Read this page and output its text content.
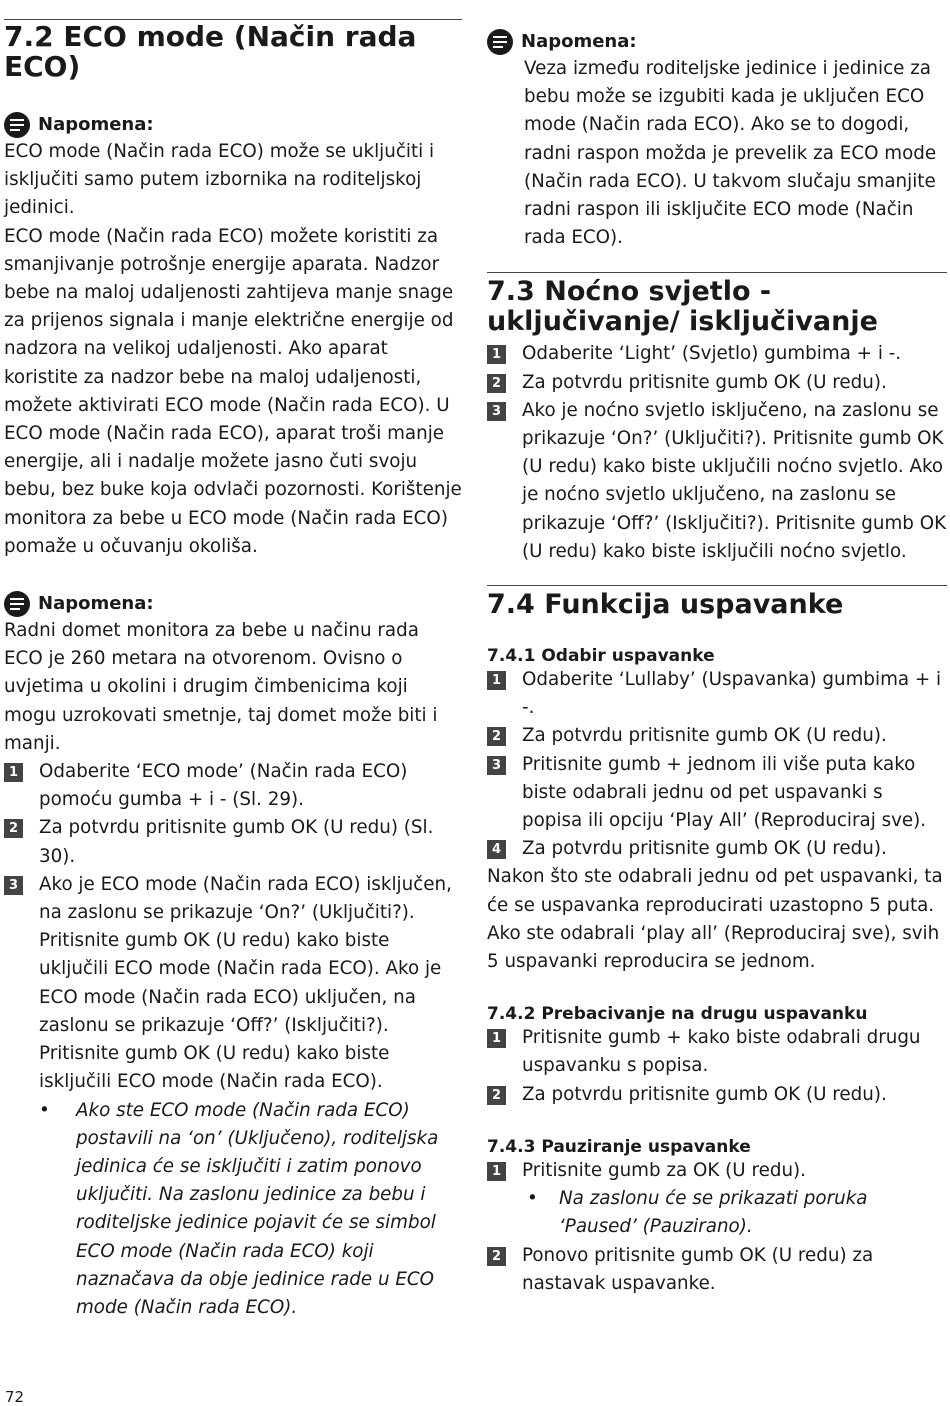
7.2 ECO mode (Način rada ECO)
Napomena:

ECO mode (Način rada ECO) može se uključiti i isključiti samo putem izbornika na roditeljskoj jedinici.

ECO mode (Način rada ECO) možete koristiti za smanjivanje potrošnje energije aparata. Nadzor bebe na maloj udaljenosti zahtijeva manje snage za prijenos signala i manje električne energije od nadzora na velikoj udaljenosti. Ako aparat koristite za nadzor bebe na maloj udaljenosti, možete aktivirati ECO mode (Način rada ECO). U ECO mode (Način rada ECO), aparat troši manje energije, ali i nadalje možete jasno čuti svoju bebu, bez buke koja odvlači pozornosti. Korištenje monitora za bebe u ECO mode (Način rada ECO) pomaže u očuvanju okoliša.

Napomena:

Radni domet monitora za bebe u načinu rada ECO je 260 metara na otvorenom. Ovisno o uvjetima u okolini i drugim čimbenicima koji mogu uzrokovati smetnje, taj domet može biti i manji.

1 Odaberite ‘ECO mode’ (Način rada ECO) pomoću gumba + i - (Sl. 29).
2 Za potvrdu pritisnite gumb OK (U redu) (Sl. 30).
3 Ako je ECO mode (Način rada ECO) isključen, na zaslonu se prikazuje ‘On?’ (Uključiti?). Pritisnite gumb OK (U redu) kako biste uključili ECO mode (Način rada ECO). Ako je ECO mode (Način rada ECO) uključen, na zaslonu se prikazuje ‘Off?’ (Isključiti?). Pritisnite gumb OK (U redu) kako biste isključili ECO mode (Način rada ECO).
• Ako ste ECO mode (Način rada ECO) postavili na ‘on’ (Uključeno), roditeljska jedinica će se isključiti i zatim ponovo uključiti. Na zaslonu jedinice za bebu i roditeljske jedinice pojavit će se simbol ECO mode (Način rada ECO) koji naznačava da obje jedinice rade u ECO mode (Način rada ECO).
Napomena:

Veza između roditeljske jedinice i jedinice za bebu može se izgubiti kada je uključen ECO mode (Način rada ECO). Ako se to dogodi, radni raspon možda je prevelik za ECO mode (Način rada ECO). U takvom slučaju smanjite radni raspon ili isključite ECO mode (Način rada ECO).

7.3 Noćno svjetlo - uključivanje/ isključivanje
1 Odaberite ‘Light’ (Svjetlo) gumbima + i -.
2 Za potvrdu pritisnite gumb OK (U redu).
3 Ako je noćno svjetlo isključeno, na zaslonu se prikazuje ‘On?’ (Uključiti?). Pritisnite gumb OK (U redu) kako biste uključili noćno svjetlo. Ako je noćno svjetlo uključeno, na zaslonu se prikazuje ‘Off?’ (Isključiti?). Pritisnite gumb OK (U redu) kako biste isključili noćno svjetlo.
7.4 Funkcija uspavanke
7.4.1 Odabir uspavanke
1 Odaberite ‘Lullaby’ (Uspavanka) gumbima + i -.
2 Za potvrdu pritisnite gumb OK (U redu).
3 Pritisnite gumb + jednom ili više puta kako biste odabrali jednu od pet uspavanki s popisa ili opciju ‘Play All’ (Reproduciraj sve).
4 Za potvrdu pritisnite gumb OK (U redu).

Nakon što ste odabrali jednu od pet uspavanki, ta će se uspavanka reproducirati uzastopno 5 puta. Ako ste odabrali ‘play all’ (Reproduciraj sve), svih 5 uspavanki reproducira se jednom.

7.4.2 Prebacivanje na drugu uspavanku
1 Pritisnite gumb + kako biste odabrali drugu uspavanku s popisa.
2 Za potvrdu pritisnite gumb OK (U redu).
7.4.3 Pauziranje uspavanke
1 Pritisnite gumb za OK (U redu).
• Na zaslonu će se prikazati poruka ‘Paused’ (Pauzirano).
2 Ponovo pritisnite gumb OK (U redu) za nastavak uspavanke.
72
